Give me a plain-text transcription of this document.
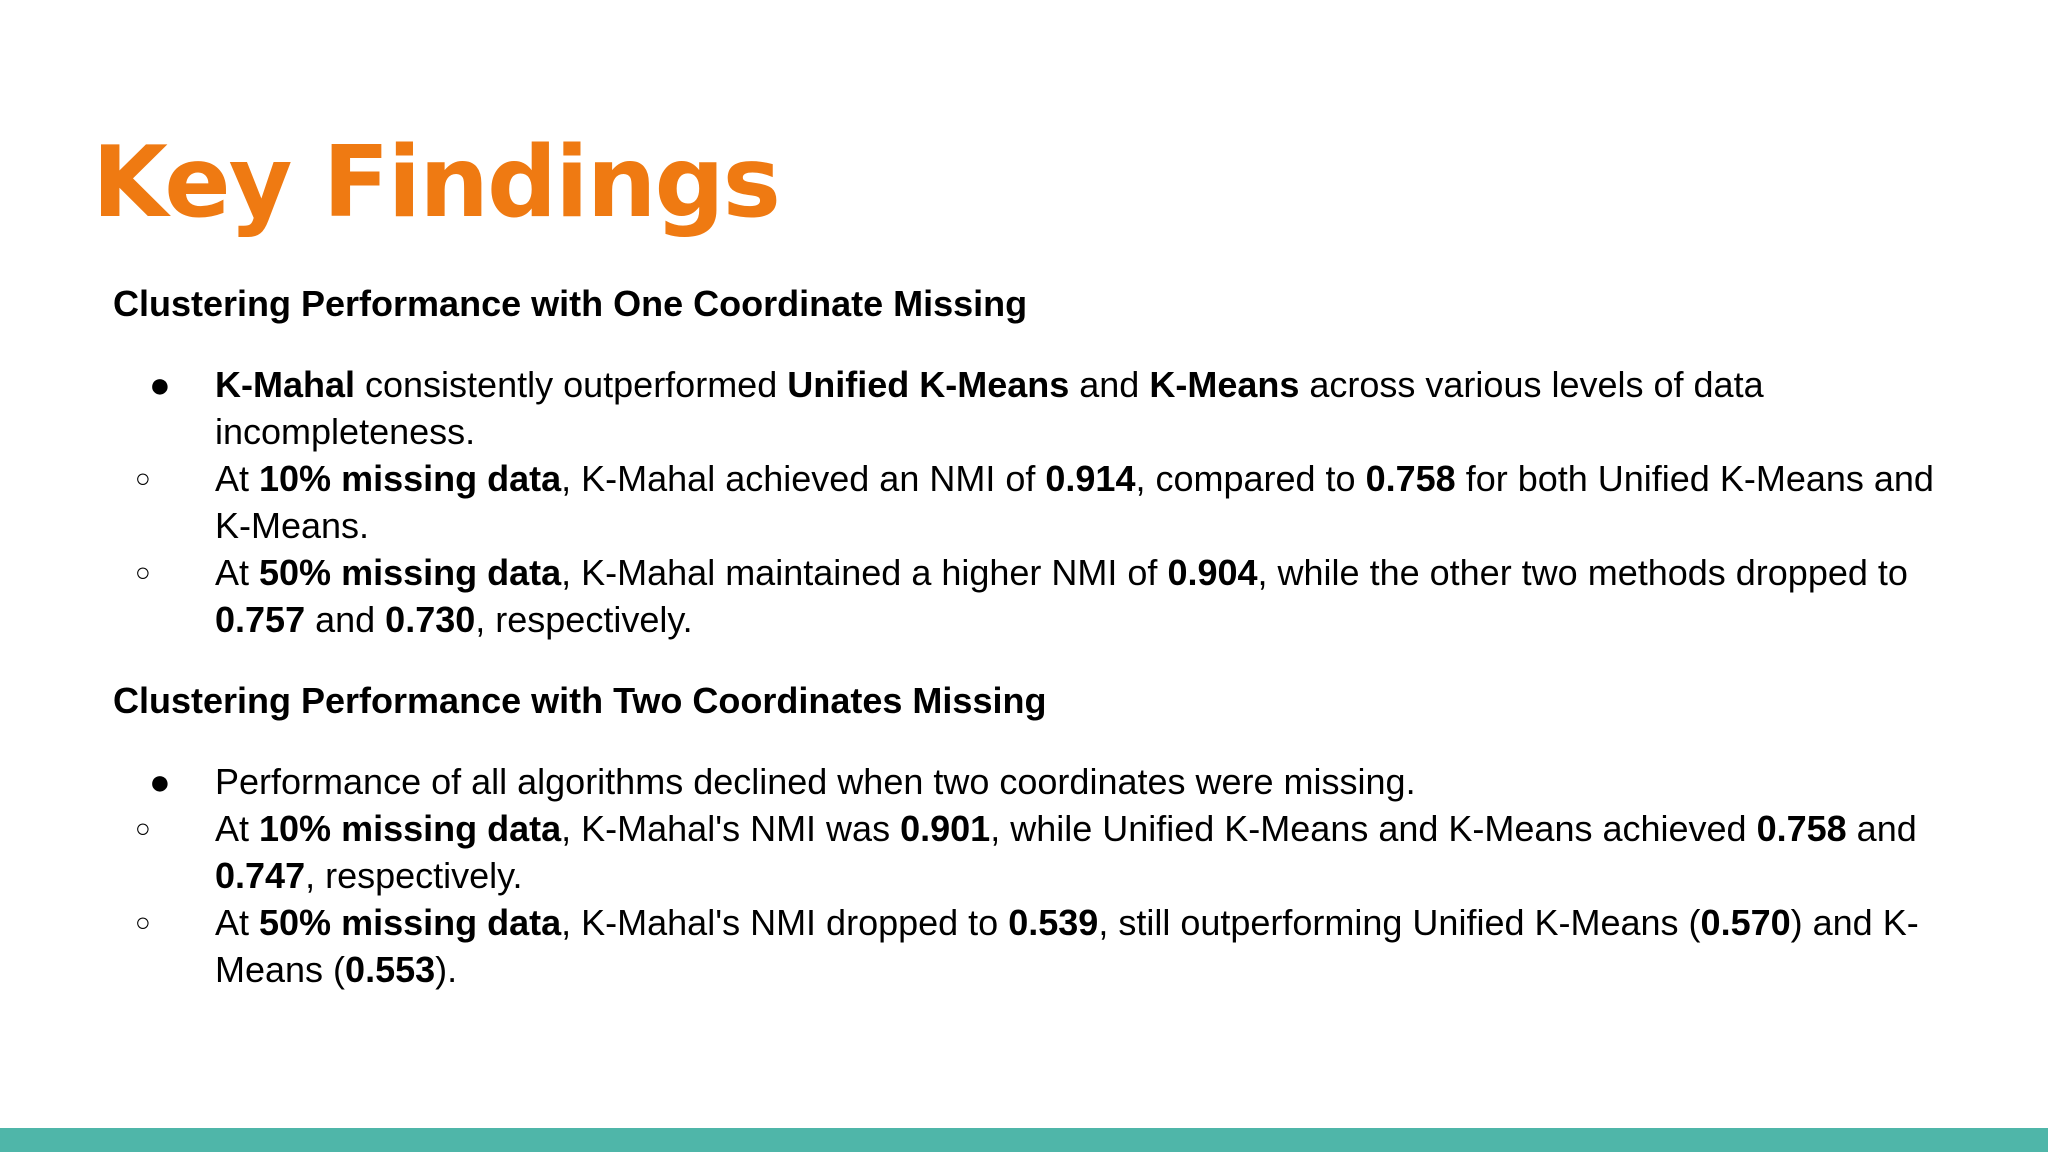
Key Findings

Clustering Performance with One Coordinate Missing

● K-Mahal consistently outperformed Unified K-Means and K-Means across various levels of data incompleteness.
○ At 10% missing data, K-Mahal achieved an NMI of 0.914, compared to 0.758 for both Unified K-Means and K-Means.
○ At 50% missing data, K-Mahal maintained a higher NMI of 0.904, while the other two methods dropped to 0.757 and 0.730, respectively.

Clustering Performance with Two Coordinates Missing

● Performance of all algorithms declined when two coordinates were missing.
○ At 10% missing data, K-Mahal's NMI was 0.901, while Unified K-Means and K-Means achieved 0.758 and 0.747, respectively.
○ At 50% missing data, K-Mahal's NMI dropped to 0.539, still outperforming Unified K-Means (0.570) and K-Means (0.553).
